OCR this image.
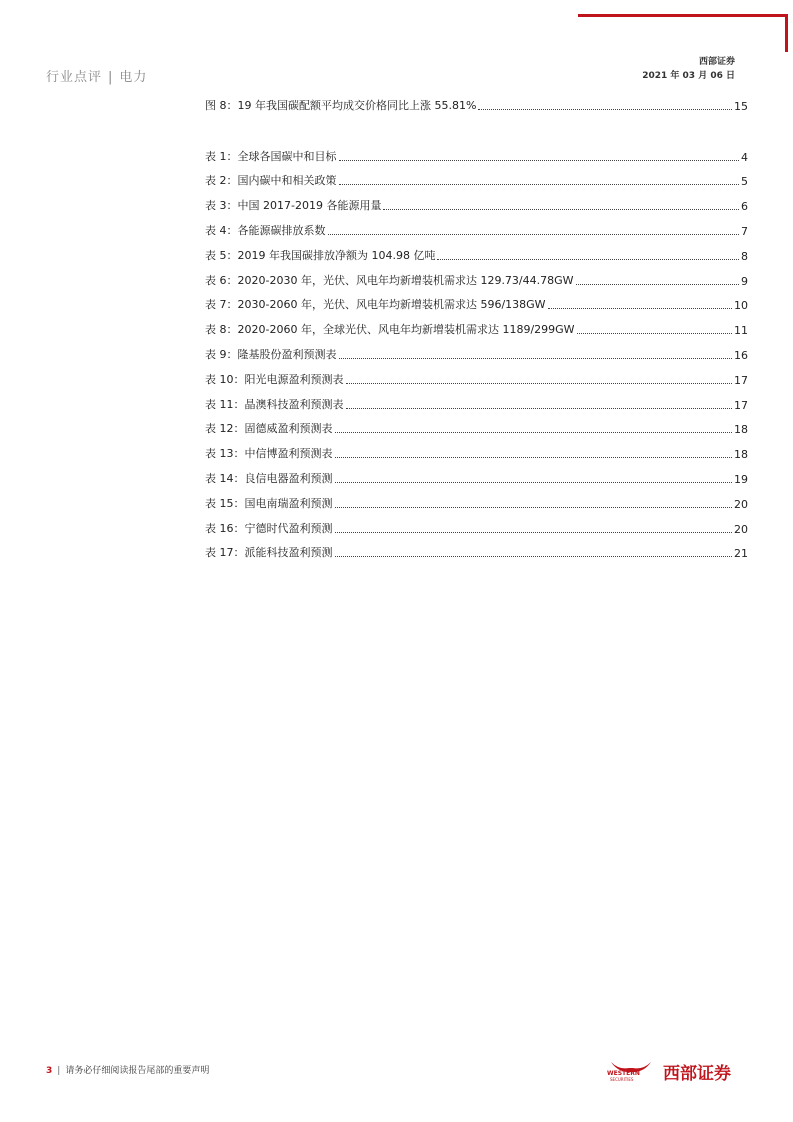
行业点评 | 电力
西部证券
2021 年 03 月 06 日
图 8：19 年我国碳配额平均成交价格同比上涨 55.81%	15
表 1：全球各国碳中和目标	4
表 2：国内碳中和相关政策	5
表 3：中国 2017-2019 各能源用量	6
表 4：各能源碳排放系数	7
表 5：2019 年我国碳排放净额为 104.98 亿吨	8
表 6：2020-2030 年，光伏、风电年均新增装机需求达 129.73/44.78GW	9
表 7：2030-2060 年，光伏、风电年均新增装机需求达 596/138GW	10
表 8：2020-2060 年，全球光伏、风电年均新增装机需求达 1189/299GW	11
表 9：隆基股份盈利预测表	16
表 10：阳光电源盈利预测表	17
表 11：晶澳科技盈利预测表	17
表 12：固德威盈利预测表	18
表 13：中信博盈利预测表	18
表 14：良信电器盈利预测	19
表 15：国电南瑞盈利预测	20
表 16：宁德时代盈利预测	20
表 17：派能科技盈利预测	21
3 | 请务必仔细阅读报告尾部的重要声明	WESTERN
SECURITIES 西部证券
